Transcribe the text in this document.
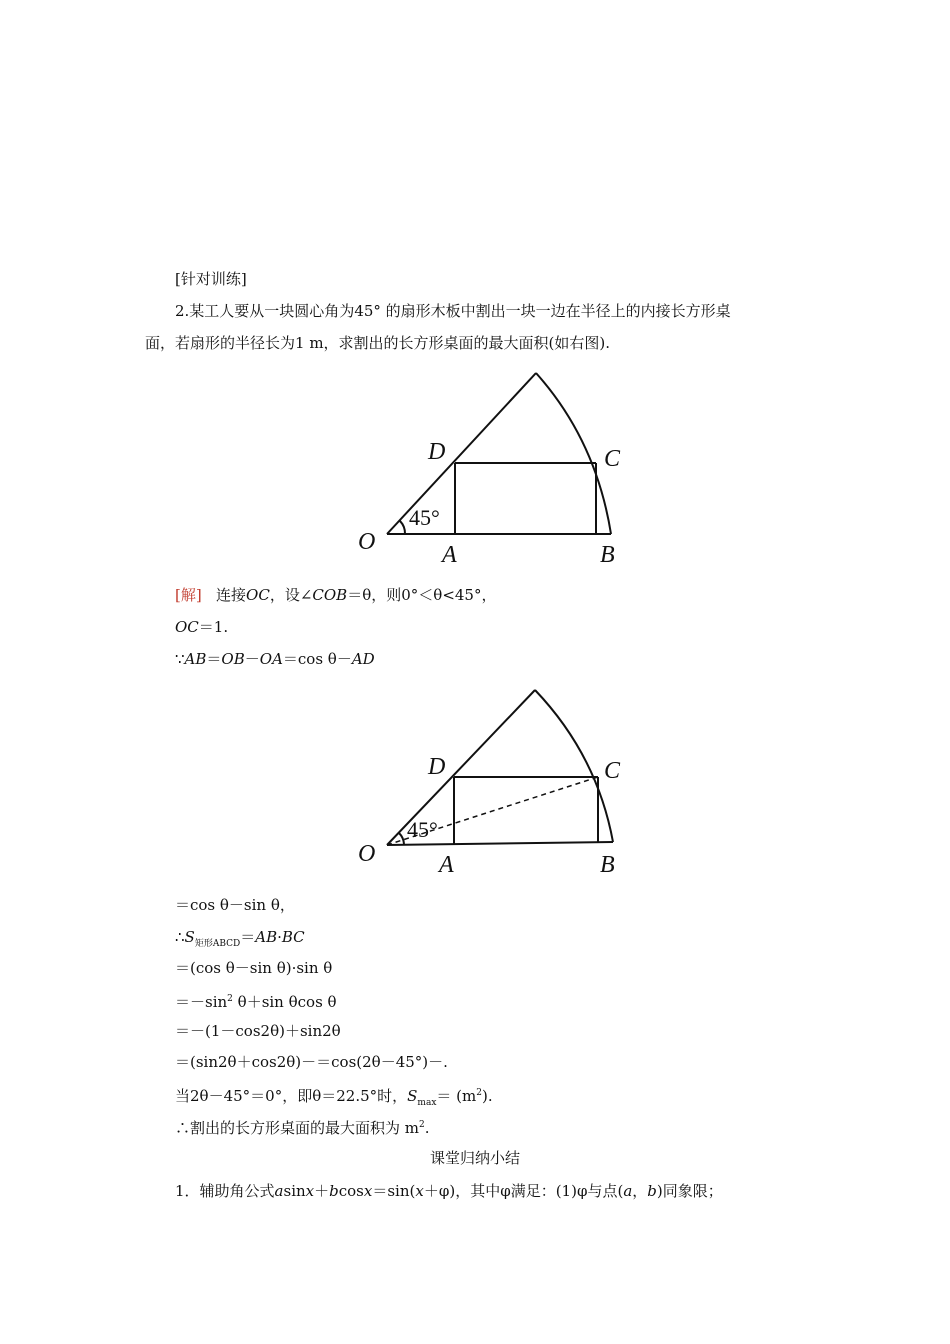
[针对训练]
2.某工人要从一块圆心角为45° 的扇形木板中割出一块一边在半径上的内接长方形桌
面，若扇形的半径长为1 m，求割出的长方形桌面的最大面积(如右图).
D	C
O	A	B
45°
[解] 连接OC，设∠COB＝θ，则0°＜θ<45°，
OC＝1.
∵AB＝OB－OA＝cos θ－AD
D	C
O	A	B
45°
＝cos θ－sin θ，
$\therefore S_{矩形ABCD}=AB\cdot BC$
＝(cos θ－sin θ)·sin θ
$=-\sin^2$ θ＋sin θcos θ
＝－(1－cos2θ)＋sin2θ
＝(sin2θ＋cos2θ)－＝cos(2θ－45°)－.
当2θ－45°＝0°，即θ＝22.5°时，$S_{max}= (m^2)$.
∴割出的长方形桌面的最大面积为 $m^2$.
课堂归纳小结
1．辅助角公式asinx＋bcosx＝sin(x＋φ)，其中φ满足：(1)φ与点(a，b)同象限；
